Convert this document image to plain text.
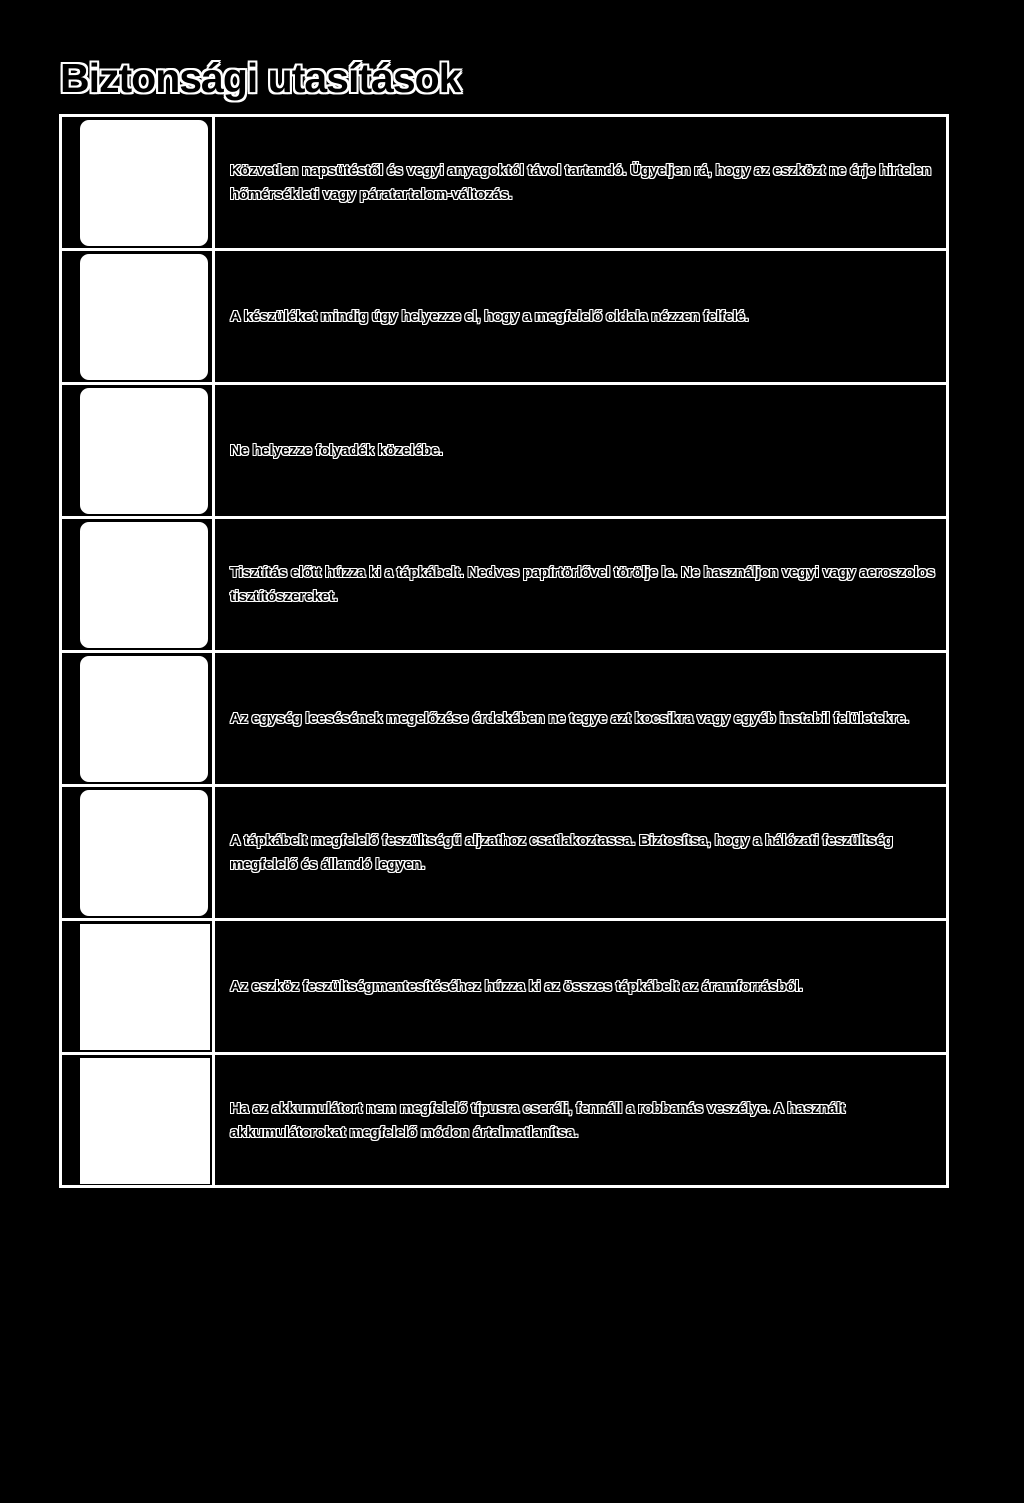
Biztonsági utasítások

Közvetlen napsütéstől és vegyi anyagoktól távol tartandó. Ügyeljen rá, hogy az eszközt ne érje hirtelen hőmérsékleti vagy páratartalom-változás.

A készüléket mindig úgy helyezze el, hogy a megfelelő oldala nézzen felfelé.

Ne helyezze folyadék közelébe.

Tisztítás előtt húzza ki a tápkábelt. Nedves papírtörlővel törölje le. Ne használjon vegyi vagy aeroszolos tisztítószereket.

Az egység leesésének megelőzése érdekében ne tegye azt kocsikra vagy egyéb instabil felületekre.

A tápkábelt megfelelő feszültségű aljzathoz csatlakoztassa. Biztosítsa, hogy a hálózati feszültség megfelelő és állandó legyen.

Az eszköz feszültségmentesítéséhez húzza ki az összes tápkábelt az áramforrásból.

Ha az akkumulátort nem megfelelő típusra cseréli, fennáll a robbanás veszélye. A használt akkumulátorokat megfelelő módon ártalmatlanítsa.
